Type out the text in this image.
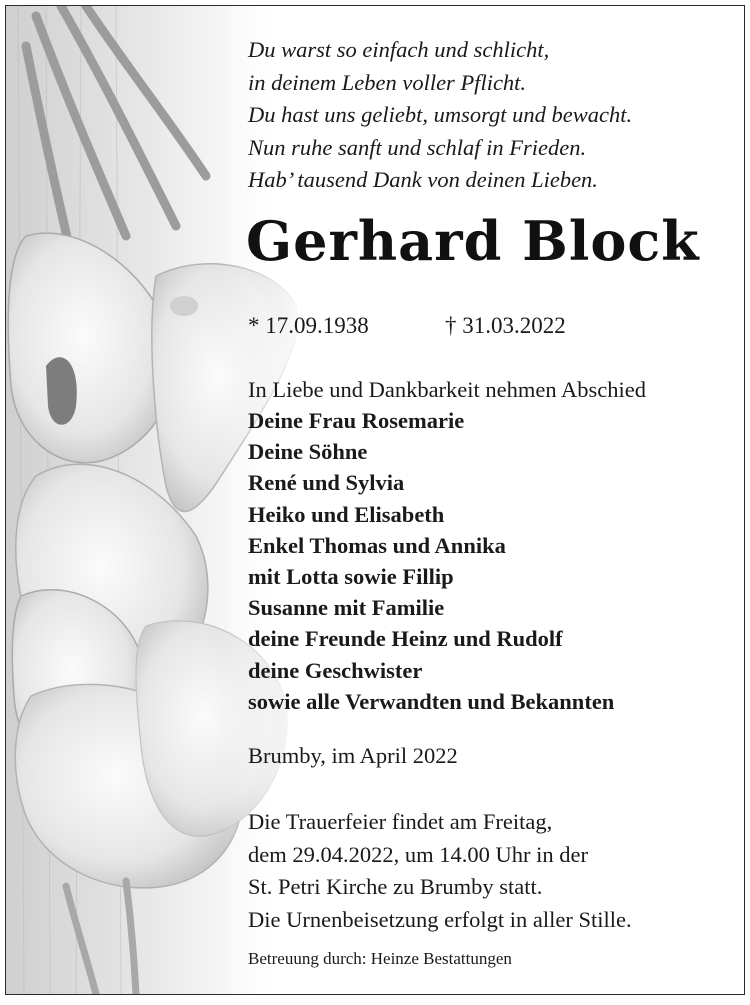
Du warst so einfach und schlicht,
in deinem Leben voller Pflicht.
Du hast uns geliebt, umsorgt und bewacht.
Nun ruhe sanft und schlaf in Frieden.
Hab’ tausend Dank von deinen Lieben.
Gerhard Block
* 17.09.1938	† 31.03.2022
In Liebe und Dankbarkeit nehmen Abschied
Deine Frau Rosemarie
Deine Söhne
René und Sylvia
Heiko und Elisabeth
Enkel Thomas und Annika
mit Lotta sowie Fillip
Susanne mit Familie
deine Freunde Heinz und Rudolf
deine Geschwister
sowie alle Verwandten und Bekannten
Brumby, im April 2022
Die Trauerfeier findet am Freitag,
dem 29.04.2022, um 14.00 Uhr in der
St. Petri Kirche zu Brumby statt.
Die Urnenbeisetzung erfolgt in aller Stille.
Betreuung durch: Heinze Bestattungen
